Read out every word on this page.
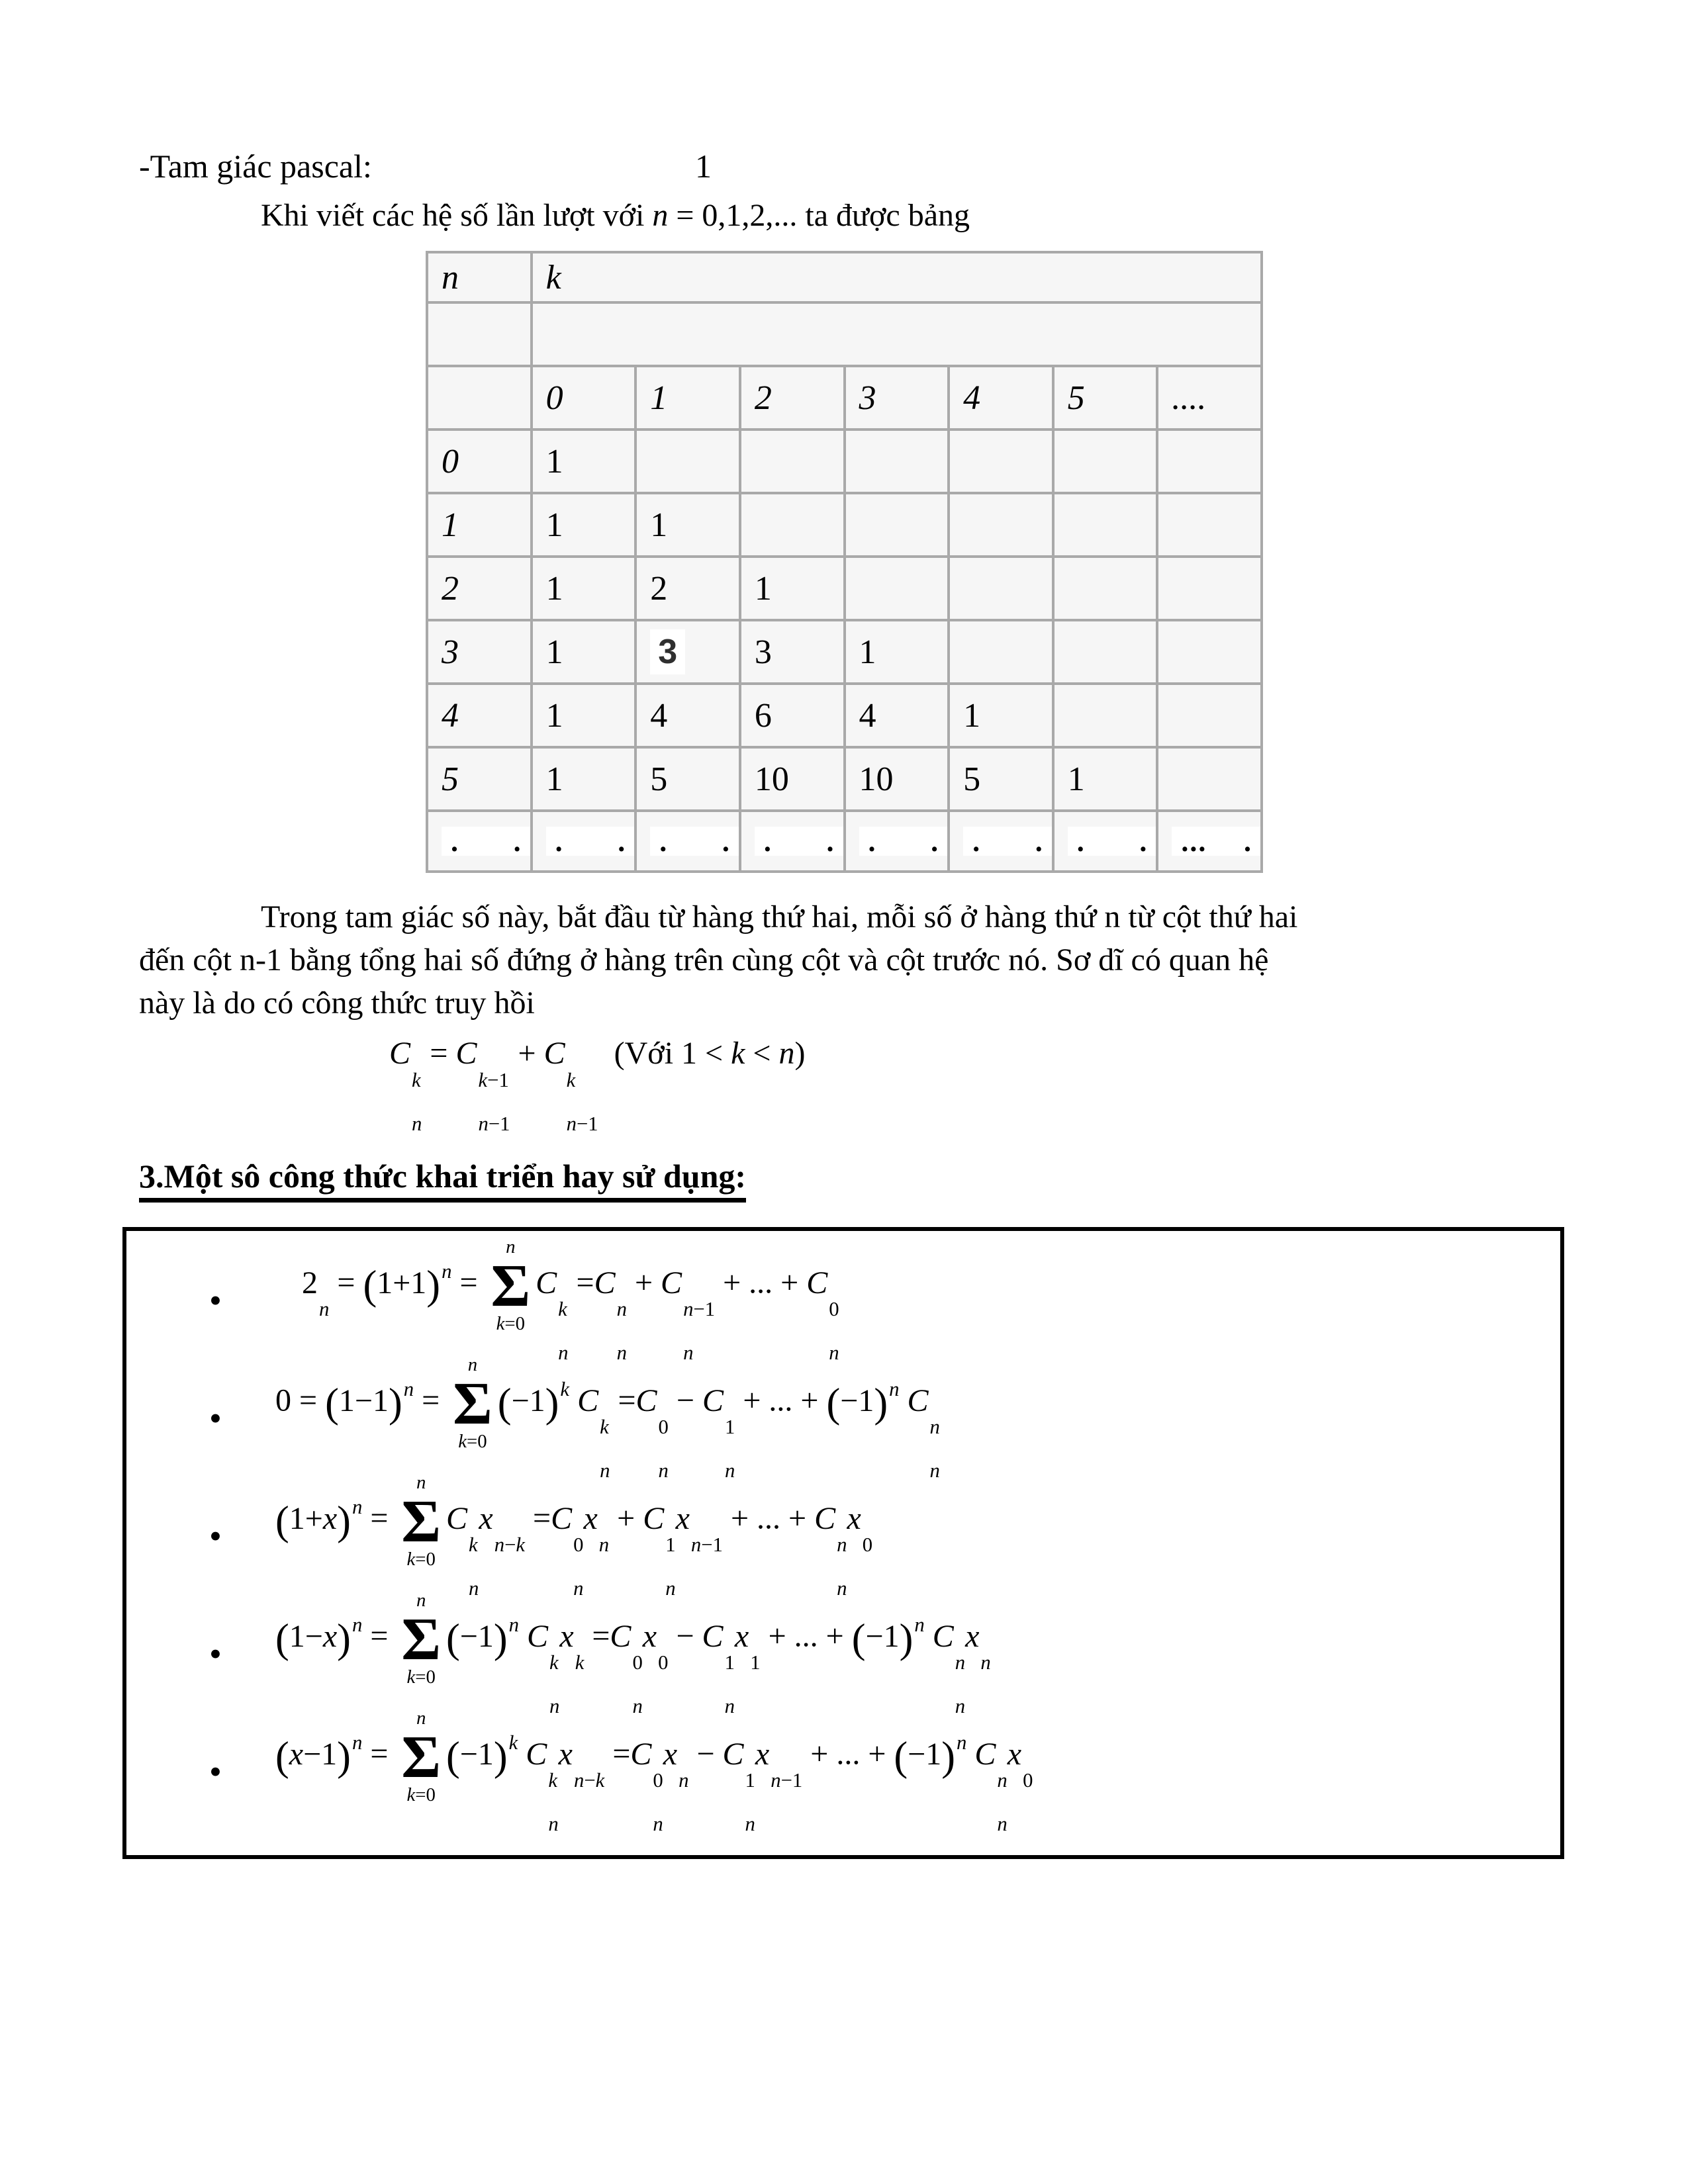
-Tam giác pascal:	1
Khi viết các hệ số lần lượt với n = 0,1,2,... ta được bảng
n	k						

	0	1	2	3	4	5	....
0	1						
1	1	1					
2	1	2	1				
3	1	3	3	1			
4	1	4	6	4	1		
5	1	5	10	10	5	1	

. .	. .	. .	. .	. .	. .	. .	... .
Trong tam giác số này, bắt đầu từ hàng thứ hai, mỗi số ở hàng thứ n từ cột thứ hai
đến cột n-1 bằng tổng hai số đứng ở hàng trên cùng cột và cột trước nó. Sơ dĩ có quan hệ
này là do có công thức truy hồi
C
k
n
= C
k−1
n−1
+ C
k
n−1
(Với 1 < k < n)
3.Một sô công thức khai triển hay sử dụng:
•	2
n
= $(1+1)^n$ =
n
Σ
k=0
C
k
n
=C
n
n
+ C
n−1
n
+ ... + C
0
n
•	$0 = (1-1)^n$ =
n
Σ
k=0
$(-1)^k$ C
k
n
=C
0
n
− C
1
n
+ ... + $(-1)^n$ C
n
n
•	$(1+x)^n$ =
n
Σ
k=0
C
k
n
x
n−k
=C
0
n
x
n
+ C
1
n
x
n−1
+ ... + C
n
n
x
0
•	$(1-x)^n$ =
n
Σ
k=0
$(-1)^n$ C
k
n
x
k
=C
0
n
x
0
− C
1
n
x
1
+ ... + $(-1)^n$ C
n
n
x
n
•	$(x-1)^n$ =
n
Σ
k=0
$(-1)^k$ C
k
n
x
n−k
=C
0
n
x
n
− C
1
n
x
n−1
+ ... + $(-1)^n$ C
n
n
x
0
